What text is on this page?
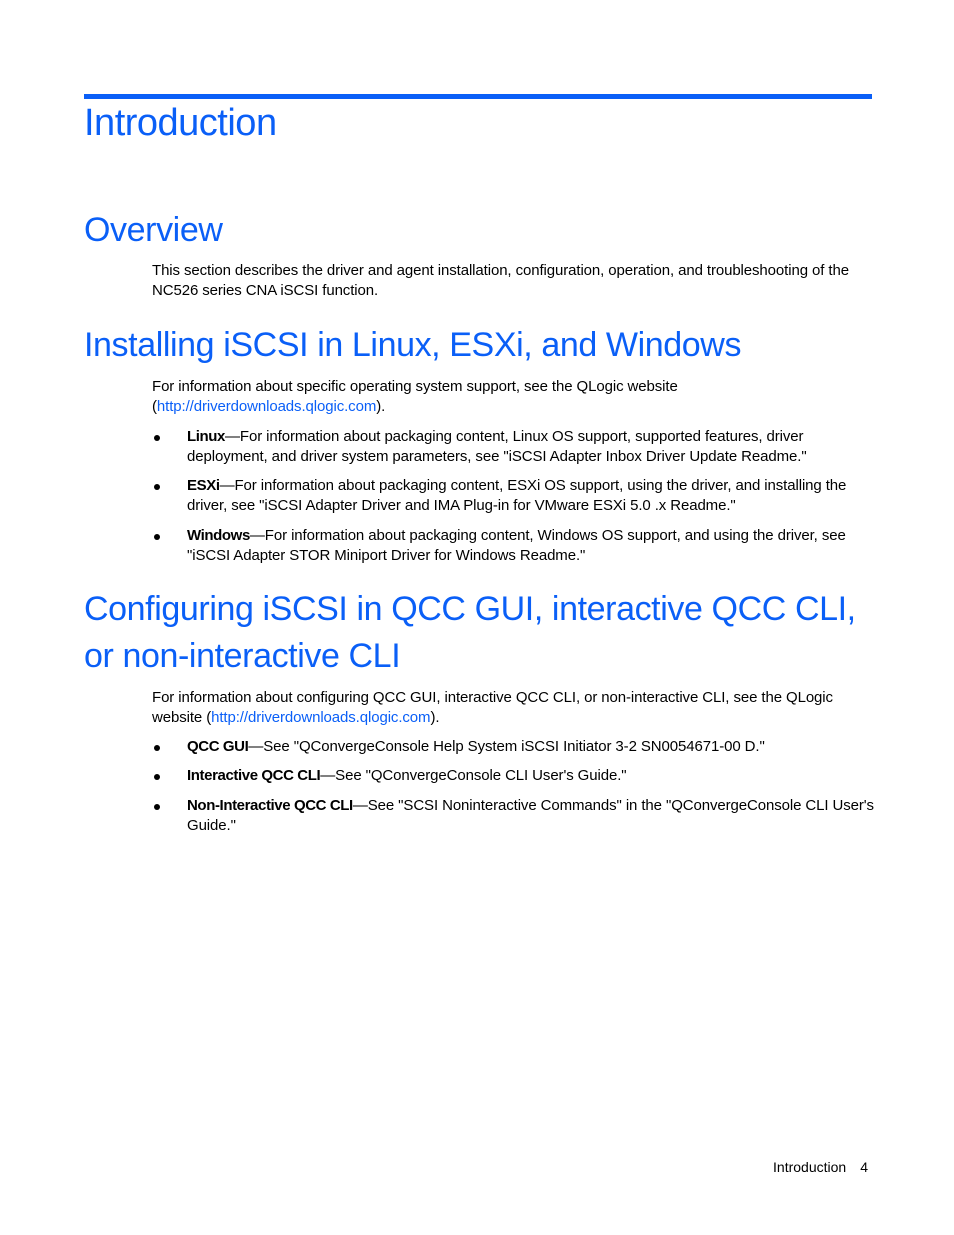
Introduction
Overview

This section describes the driver and agent installation, configuration, operation, and troubleshooting of the NC526 series CNA iSCSI function.

Installing iSCSI in Linux, ESXi, and Windows

For information about specific operating system support, see the QLogic website (http://driverdownloads.qlogic.com).

Linux—For information about packaging content, Linux OS support, supported features, driver deployment, and driver system parameters, see "iSCSI Adapter Inbox Driver Update Readme."
ESXi—For information about packaging content, ESXi OS support, using the driver, and installing the driver, see "iSCSI Adapter Driver and IMA Plug-in for VMware ESXi 5.0 .x Readme."
Windows—For information about packaging content, Windows OS support, and using the driver, see "iSCSI Adapter STOR Miniport Driver for Windows Readme."
Configuring iSCSI in QCC GUI, interactive QCC CLI,
or non-interactive CLI

For information about configuring QCC GUI, interactive QCC CLI, or non-interactive CLI, see the QLogic website (http://driverdownloads.qlogic.com).

QCC GUI—See "QConvergeConsole Help System iSCSI Initiator 3-2 SN0054671-00 D."
Interactive QCC CLI—See "QConvergeConsole CLI User's Guide."
Non-Interactive QCC CLI—See "SCSI Noninteractive Commands" in the "QConvergeConsole CLI User's Guide."
Introduction 4
